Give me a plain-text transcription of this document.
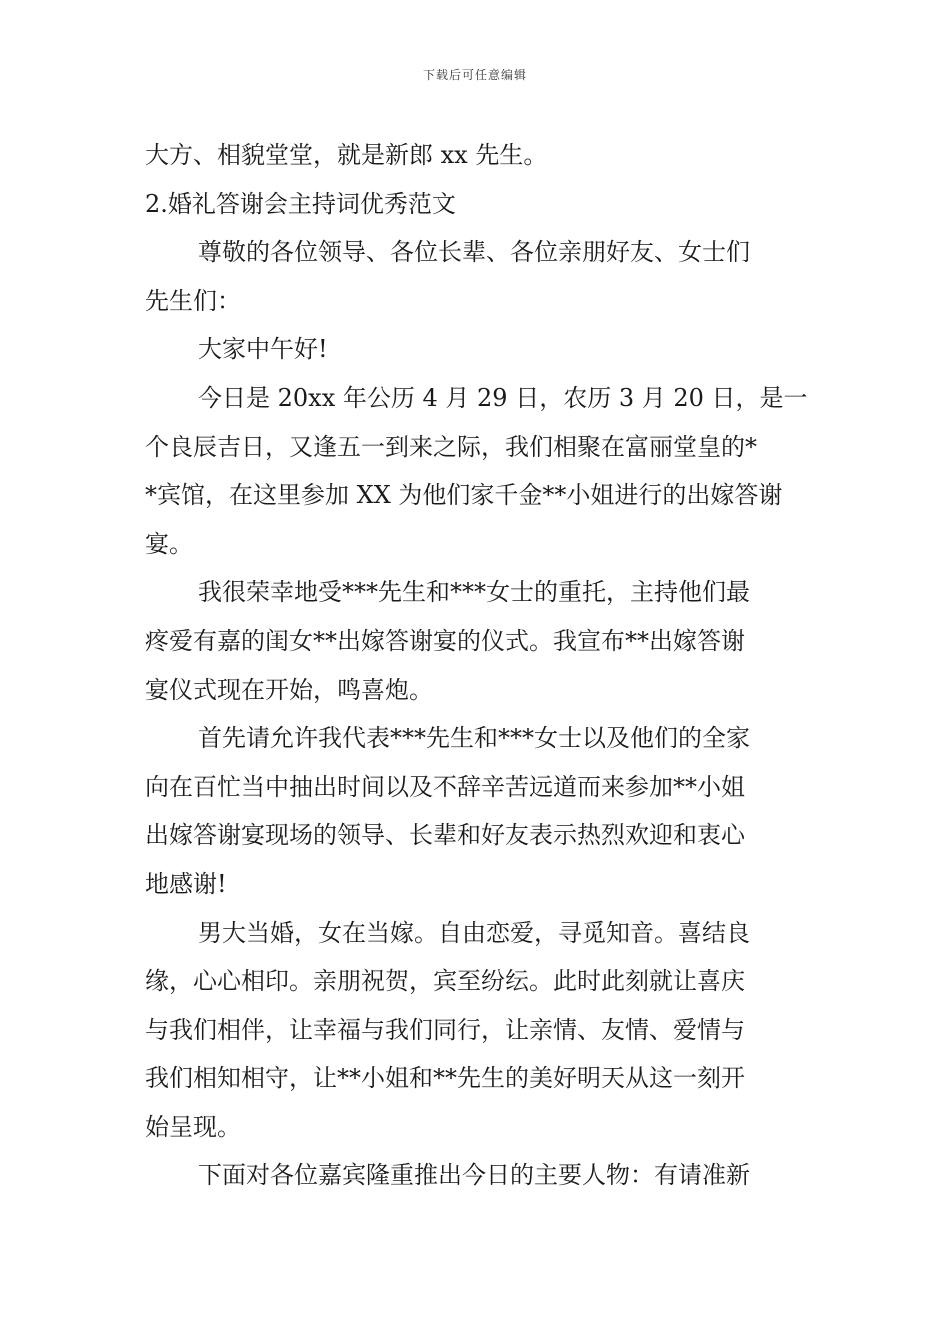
下载后可任意编辑
大方、相貌堂堂，就是新郎 xx 先生。
2.婚礼答谢会主持词优秀范文
尊敬的各位领导、各位长辈、各位亲朋好友、女士们
先生们：
大家中午好!
今日是 20xx 年公历 4 月 29 日，农历 3 月 20 日，是一
个良辰吉日，又逢五一到来之际，我们相聚在富丽堂皇的*
*宾馆，在这里参加 XX 为他们家千金**小姐进行的出嫁答谢
宴。
我很荣幸地受***先生和***女士的重托，主持他们最
疼爱有嘉的闺女**出嫁答谢宴的仪式。我宣布**出嫁答谢
宴仪式现在开始，鸣喜炮。
首先请允许我代表***先生和***女士以及他们的全家
向在百忙当中抽出时间以及不辞辛苦远道而来参加**小姐
出嫁答谢宴现场的领导、长辈和好友表示热烈欢迎和衷心
地感谢!
男大当婚，女在当嫁。自由恋爱，寻觅知音。喜结良
缘，心心相印。亲朋祝贺，宾至纷纭。此时此刻就让喜庆
与我们相伴，让幸福与我们同行，让亲情、友情、爱情与
我们相知相守，让**小姐和**先生的美好明天从这一刻开
始呈现。
下面对各位嘉宾隆重推出今日的主要人物：有请准新
